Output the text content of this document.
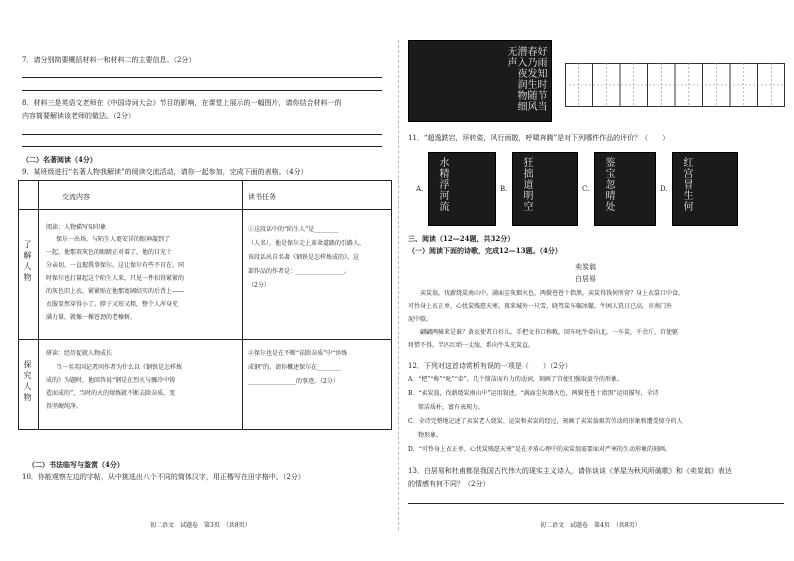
7．请分别简要概括材料一和材料二的主要信息。（2分）
8．材料三是英语文老师在《中国诗词大会》节目的影响，在课堂上展示的一幅图片，请你结合材料一的
内容简要解读该老师的做法。（2分）
（二）名著阅读（4分）
9．某班级进行“名著人物我解读”的阅读交流活动，请你一起参加，完成下面的表格。（4分）
交流内容	读书任务
了解人物
阅读：人物描写知印象
保尔一出场，与陌生人更安详的眼神凝到了
一起，他那双灰色的眼睛正对着了，他的目光十
分亲切，一直握我事保尔。这让保尔有些不自在。同
时保尔也打量起这个陌生人来，只见一件扣得紧紧的
的灰色旧上衣，紧紧贴在他那宽阔结实的后背上——
衣服显然穿得小了。脖子又短又粗，整个人浑身充
满力量，就像一棵苍劲的老橡树。
①这段话中的“陌生人”是________
（人名），他是保尔走上革命道路的引路人，
该段话出自名著《钢铁是怎样炼成的》。这
部作品的作者是：________________。
（2分）
探究人物
研读：经历促就人物成长
当一名英国记者问作者为什么以《钢铁是怎样炼
成的》为题时，他回答说“钢是在烈火与骤冷中铸
造而成的”，当时的火的熔炼就不断去除杂质，变
得坚硬纯净。
②保尔也是在不断“祛除杂质”中“淬炼
成钢”的，请你概述保尔在________
________________的事迹。（2分）
（二）书法临写与鉴赏（4分）
10．你能观察左边的字帖，从中挑选出八个不同的简体汉字，用正楷写在田字格中。（2分）
初二语文　试题卷　第3页　（共8页）
好雨知时节当春乃发生随风潜入夜润物细无声
11．“超逸跌宕，环转姿，风行雨散，呼啸奔腾”是对下列哪件作品的评价？（　　）
A. 水精浮河流	B. 狂拙道明空	C. 鉴宝忽晴处	D. 红宫冒生何
三、阅读（12—24题，共32分）
（一）阅读下面的诗歌，完成12—13题。（4分）
卖炭翁
白居易
卖炭翁，伐薪烧炭南山中。满面尘灰烟火色，两鬓苍苍十指黑。卖炭得钱何所营？身上衣裳口中食。
可怜身上衣正单，心忧炭贱愿天寒。夜来城外一尺雪，晓驾炭车辗冰辙。牛困人饥日已高，市南门外
泥中歇。
翩翩两骑来是谁？黄衣使者白衫儿。手把文书口称敕，回车叱牛牵向北。一车炭，千余斤，宫使驱
将惜不得。半匹红绡一丈绫，系向牛头充炭直。
12．下列对这首诗赏析有误的一项是（　　）（2分）
A．“把”“称”“叱”“牵”，几个简洁而有力的动词，刻画了宫使们强取豪夺的形象。
B．“卖炭翁，伐薪烧炭南山中”运用叙述，“满面尘灰烟火色，两鬓苍苍十指黑”运用描写，全诗
简洁质朴，富有表现力。
C．全诗完整地记述了卖炭老人烧炭、运炭和卖炭的经过，刻画了卖炭翁艰苦劳动的形象和遭受掠夺的人
物形象。
D．“可怜身上衣正单，心忧炭贱愿天寒”是在矛盾心理中的卖炭翁需要面对严寒的生动形象的刻画。
13．白居易和杜甫都是我国古代伟大的现实主义诗人，请你谈谈《茅屋为秋风所破歌》和《卖炭翁》表达
的情感有何不同？（2分）
初二语文　试题卷　第4页　（共8页）
